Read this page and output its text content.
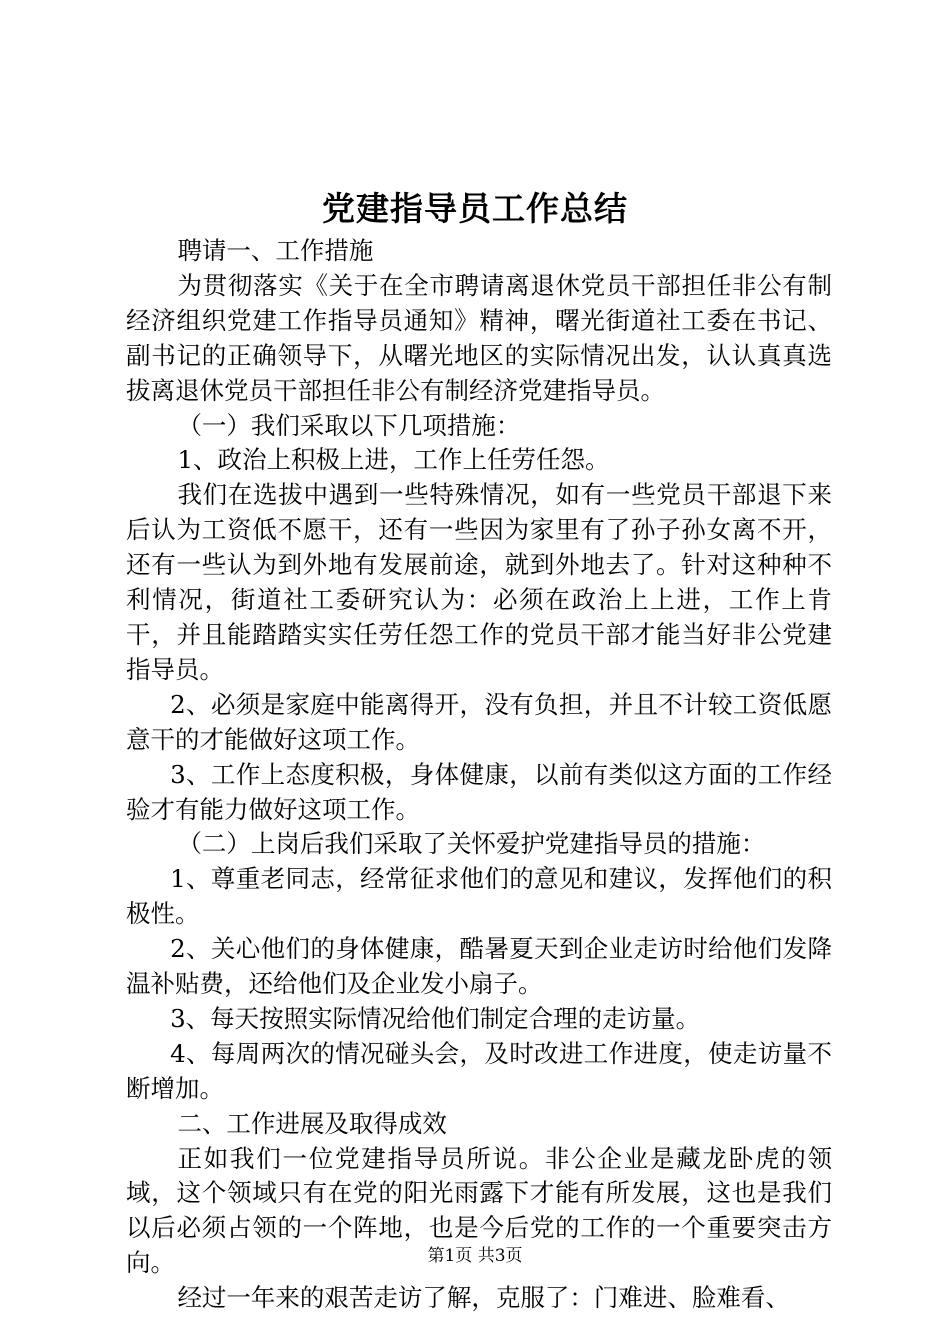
党建指导员工作总结

聘请一、工作措施

为贯彻落实《关于在全市聘请离退休党员干部担任非公有制经济组织党建工作指导员通知》精神，曙光街道社工委在书记、副书记的正确领导下，从曙光地区的实际情况出发，认认真真选拔离退休党员干部担任非公有制经济党建指导员。

（一）我们采取以下几项措施：

1、政治上积极上进，工作上任劳任怨。

我们在选拔中遇到一些特殊情况，如有一些党员干部退下来后认为工资低不愿干，还有一些因为家里有了孙子孙女离不开，还有一些认为到外地有发展前途，就到外地去了。针对这种种不利情况，街道社工委研究认为：必须在政治上上进，工作上肯干，并且能踏踏实实任劳任怨工作的党员干部才能当好非公党建指导员。

2、必须是家庭中能离得开，没有负担，并且不计较工资低愿意干的才能做好这项工作。

3、工作上态度积极，身体健康，以前有类似这方面的工作经验才有能力做好这项工作。

（二）上岗后我们采取了关怀爱护党建指导员的措施：

1、尊重老同志，经常征求他们的意见和建议，发挥他们的积极性。

2、关心他们的身体健康，酷暑夏天到企业走访时给他们发降温补贴费，还给他们及企业发小扇子。

3、每天按照实际情况给他们制定合理的走访量。

4、每周两次的情况碰头会，及时改进工作进度，使走访量不断增加。

二、工作进展及取得成效

正如我们一位党建指导员所说。非公企业是藏龙卧虎的领域，这个领域只有在党的阳光雨露下才能有所发展，这也是我们以后必须占领的一个阵地，也是今后党的工作的一个重要突击方向。

经过一年来的艰苦走访了解，克服了：门难进、脸难看、

第1页 共3页
